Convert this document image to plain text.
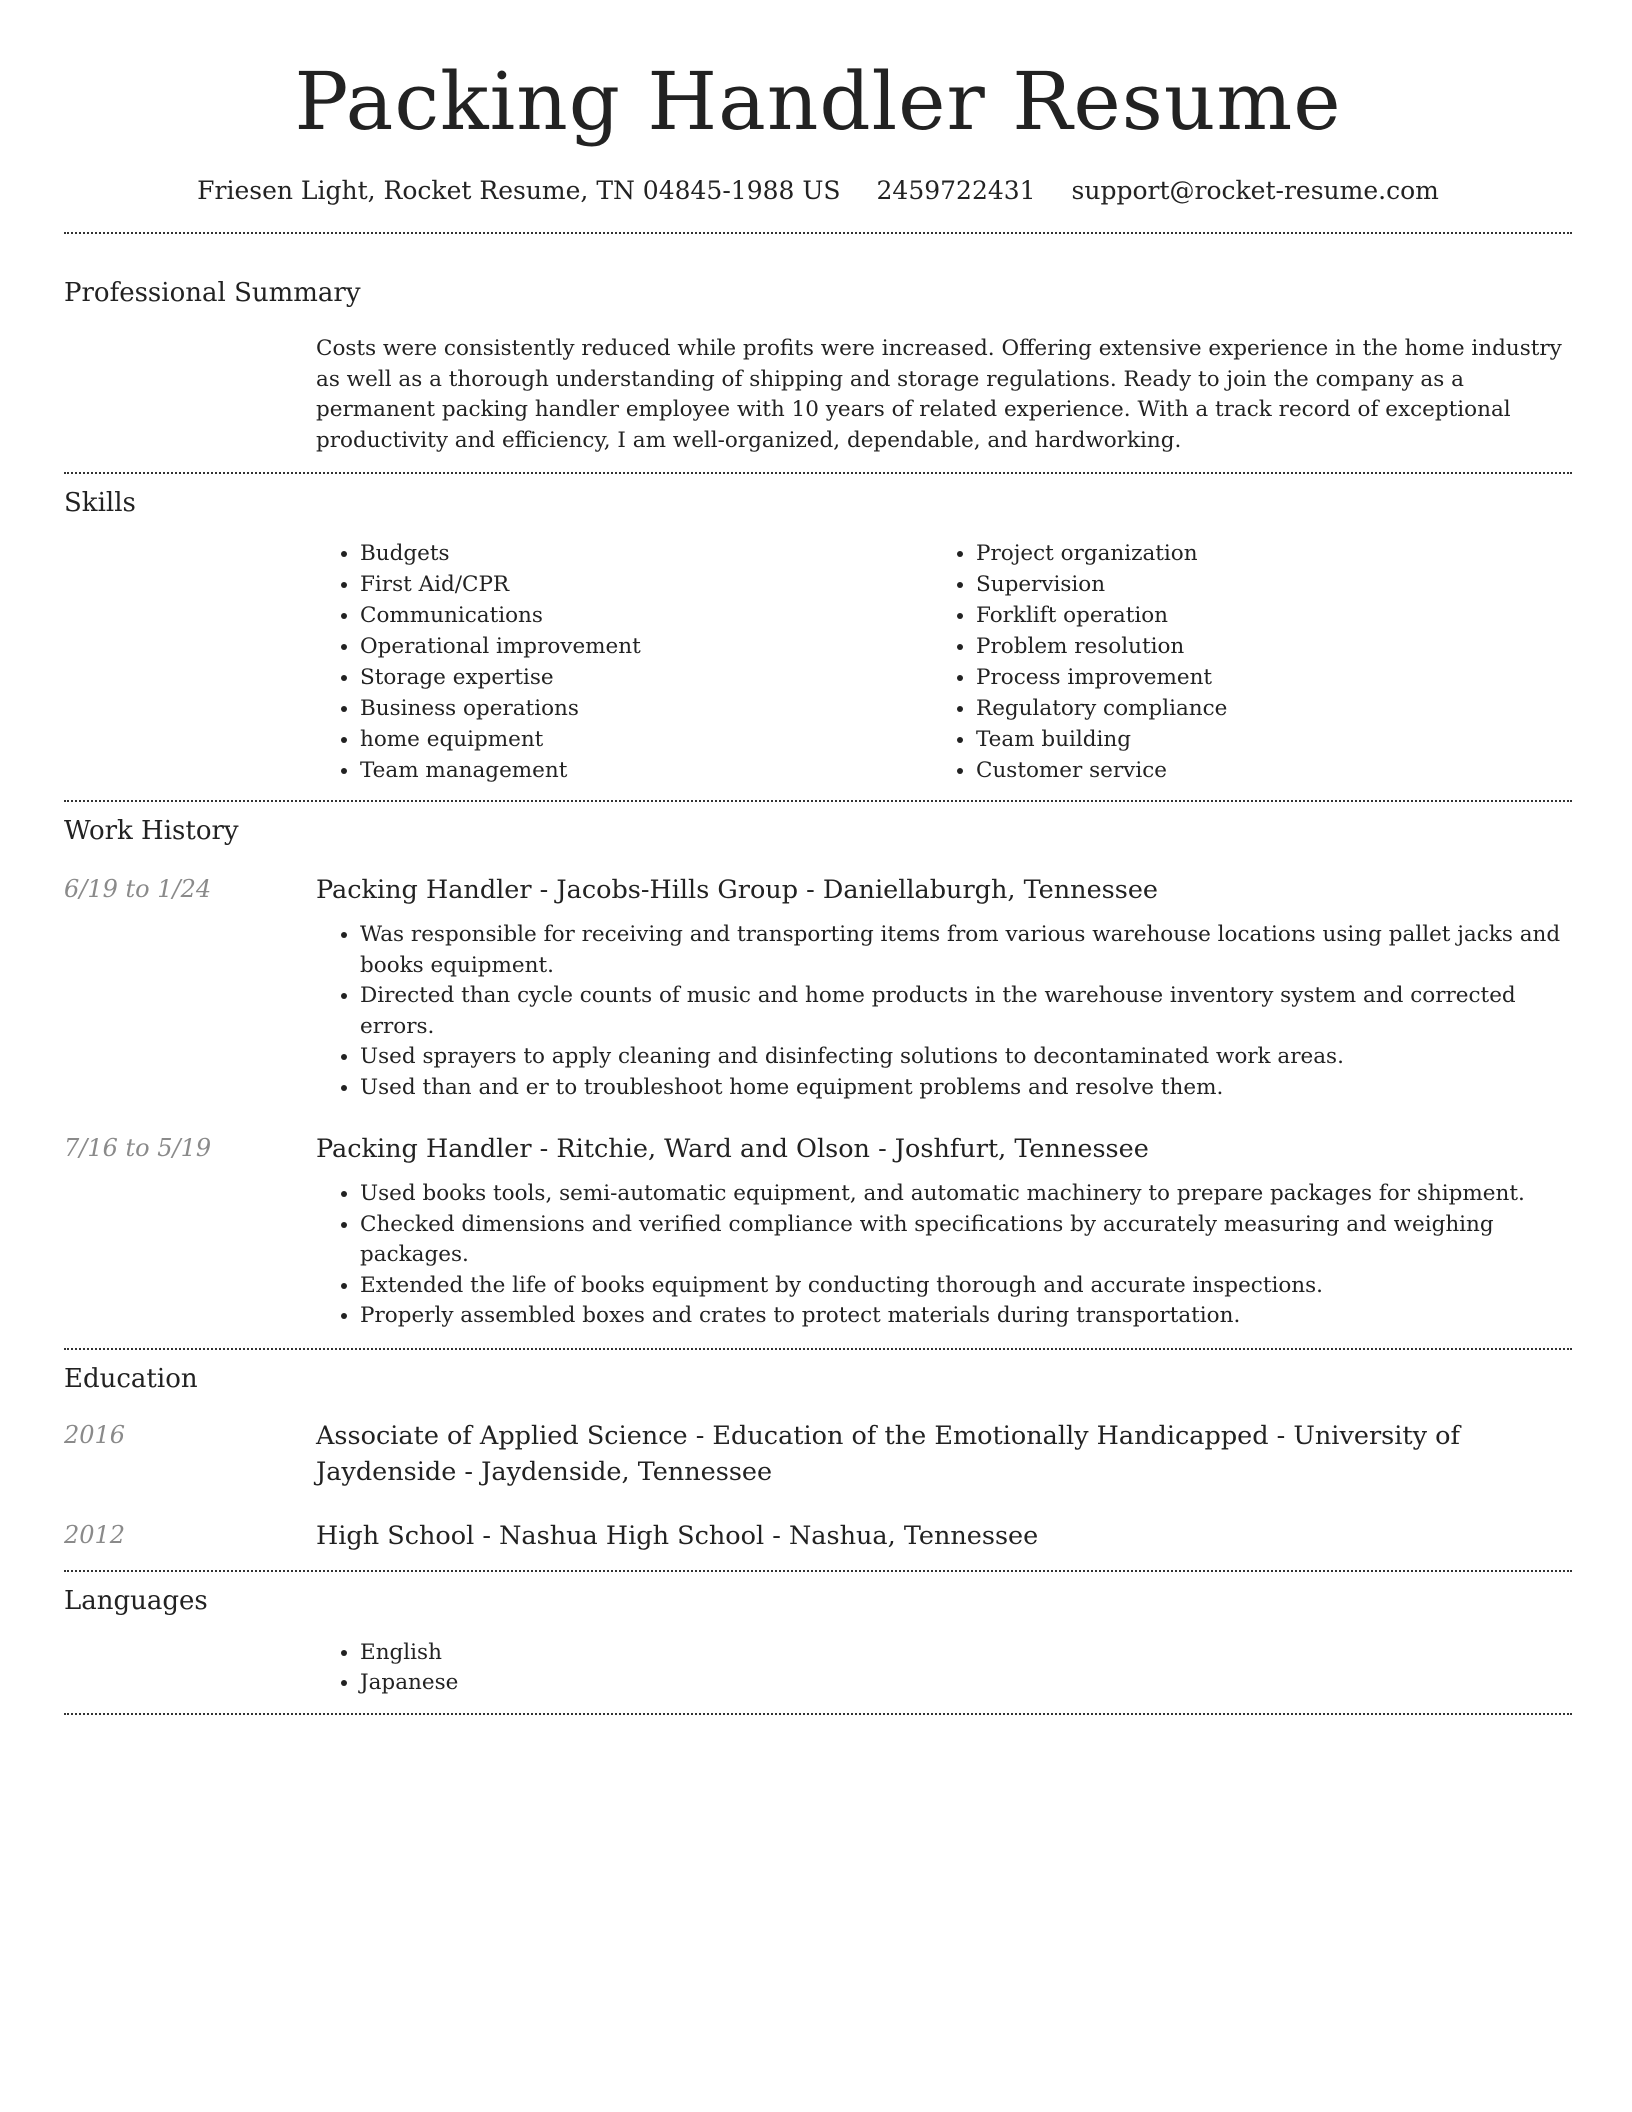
Packing Handler Resume
Friesen Light, Rocket Resume, TN 04845-1988 US 2459722431 support@rocket-resume.com
Professional Summary
Costs were consistently reduced while profits were increased. Offering extensive experience in the home industry as well as a thorough understanding of shipping and storage regulations. Ready to join the company as a permanent packing handler employee with 10 years of related experience. With a track record of exceptional productivity and efficiency, I am well-organized, dependable, and hardworking.
Skills
• Budgets
• First Aid/CPR
• Communications
• Operational improvement
• Storage expertise
• Business operations
• home equipment
• Team management
• Project organization
• Supervision
• Forklift operation
• Problem resolution
• Process improvement
• Regulatory compliance
• Team building
• Customer service
Work History
6/19 to 1/24	Packing Handler - Jacobs-Hills Group - Daniellaburgh, Tennessee
• Was responsible for receiving and transporting items from various warehouse locations using pallet jacks and books equipment.
• Directed than cycle counts of music and home products in the warehouse inventory system and corrected errors.
• Used sprayers to apply cleaning and disinfecting solutions to decontaminated work areas.
• Used than and er to troubleshoot home equipment problems and resolve them.
7/16 to 5/19	Packing Handler - Ritchie, Ward and Olson - Joshfurt, Tennessee
• Used books tools, semi-automatic equipment, and automatic machinery to prepare packages for shipment.
• Checked dimensions and verified compliance with specifications by accurately measuring and weighing packages.
• Extended the life of books equipment by conducting thorough and accurate inspections.
• Properly assembled boxes and crates to protect materials during transportation.
Education
2016	Associate of Applied Science - Education of the Emotionally Handicapped - University of Jaydenside - Jaydenside, Tennessee
2012	High School - Nashua High School - Nashua, Tennessee
Languages
• English
• Japanese
